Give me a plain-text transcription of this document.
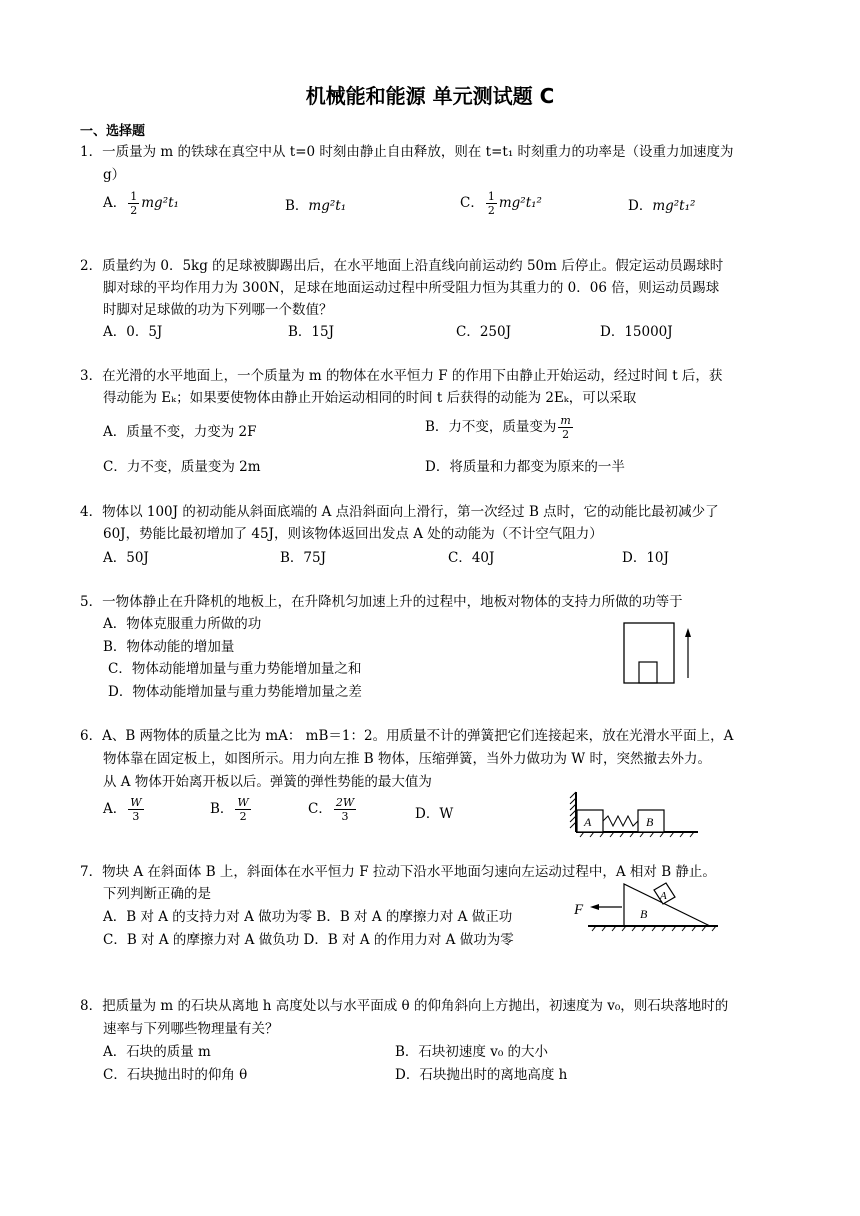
机械能和能源 单元测试题 C
一、选择题
1．一质量为 m 的铁球在真空中从 t=0 时刻由静止自由释放，则在 t=t₁ 时刻重力的功率是（设重力加速度为
g）
A． $\frac{1}{2} mg^2t_1$	B．mg²t₁	C． $\frac{1}{2} mg^2t_1^2$	D．mg²t₁²
2．质量约为 0．5kg 的足球被脚踢出后，在水平地面上沿直线向前运动约 50m 后停止。假定运动员踢球时
脚对球的平均作用力为 300N，足球在地面运动过程中所受阻力恒为其重力的 0．06 倍，则运动员踢球
时脚对足球做的功为下列哪一个数值？
A．0．5J	B．15J	C．250J	D．15000J
3．在光滑的水平地面上，一个质量为 m 的物体在水平恒力 F 的作用下由静止开始运动，经过时间 t 后，获
得动能为 Eₖ；如果要使物体由静止开始运动相同的时间 t 后获得的动能为 2Eₖ，可以采取
A．质量不变，力变为 2F	B．力不变，质量变为 $\frac{m}{2}$
C．力不变，质量变为 2m	D．将质量和力都变为原来的一半
4．物体以 100J 的初动能从斜面底端的 A 点沿斜面向上滑行，第一次经过 B 点时，它的动能比最初减少了
60J，势能比最初增加了 45J，则该物体返回出发点 A 处的动能为（不计空气阻力）
A．50J	B．75J	C．40J	D．10J
5．一物体静止在升降机的地板上，在升降机匀加速上升的过程中，地板对物体的支持力所做的功等于
A．物体克服重力所做的功
B．物体动能的增加量
C．物体动能增加量与重力势能增加量之和
D．物体动能增加量与重力势能增加量之差
6．A、B 两物体的质量之比为 mA： mB＝1：2。用质量不计的弹簧把它们连接起来，放在光滑水平面上，A
物体靠在固定板上，如图所示。用力向左推 B 物体，压缩弹簧，当外力做功为 W 时，突然撤去外力。
从 A 物体开始离开板以后。弹簧的弹性势能的最大值为
A． $\frac{W}{3}$	B． $\frac{W}{2}$	C． $\frac{2W}{3}$	D．W	A	B
7．物块 A 在斜面体 B 上，斜面体在水平恒力 F 拉动下沿水平地面匀速向左运动过程中，A 相对 B 静止。
下列判断正确的是
A．B 对 A 的支持力对 A 做功为零 B．B 对 A 的摩擦力对 A 做正功
C．B 对 A 的摩擦力对 A 做负功 D．B 对 A 的作用力对 A 做功为零
F	B
A
8．把质量为 m 的石块从离地 h 高度处以与水平面成 θ 的仰角斜向上方抛出，初速度为 v₀，则石块落地时的
速率与下列哪些物理量有关？
A．石块的质量 m	B．石块初速度 v₀ 的大小
C．石块抛出时的仰角 θ	D．石块抛出时的离地高度 h
